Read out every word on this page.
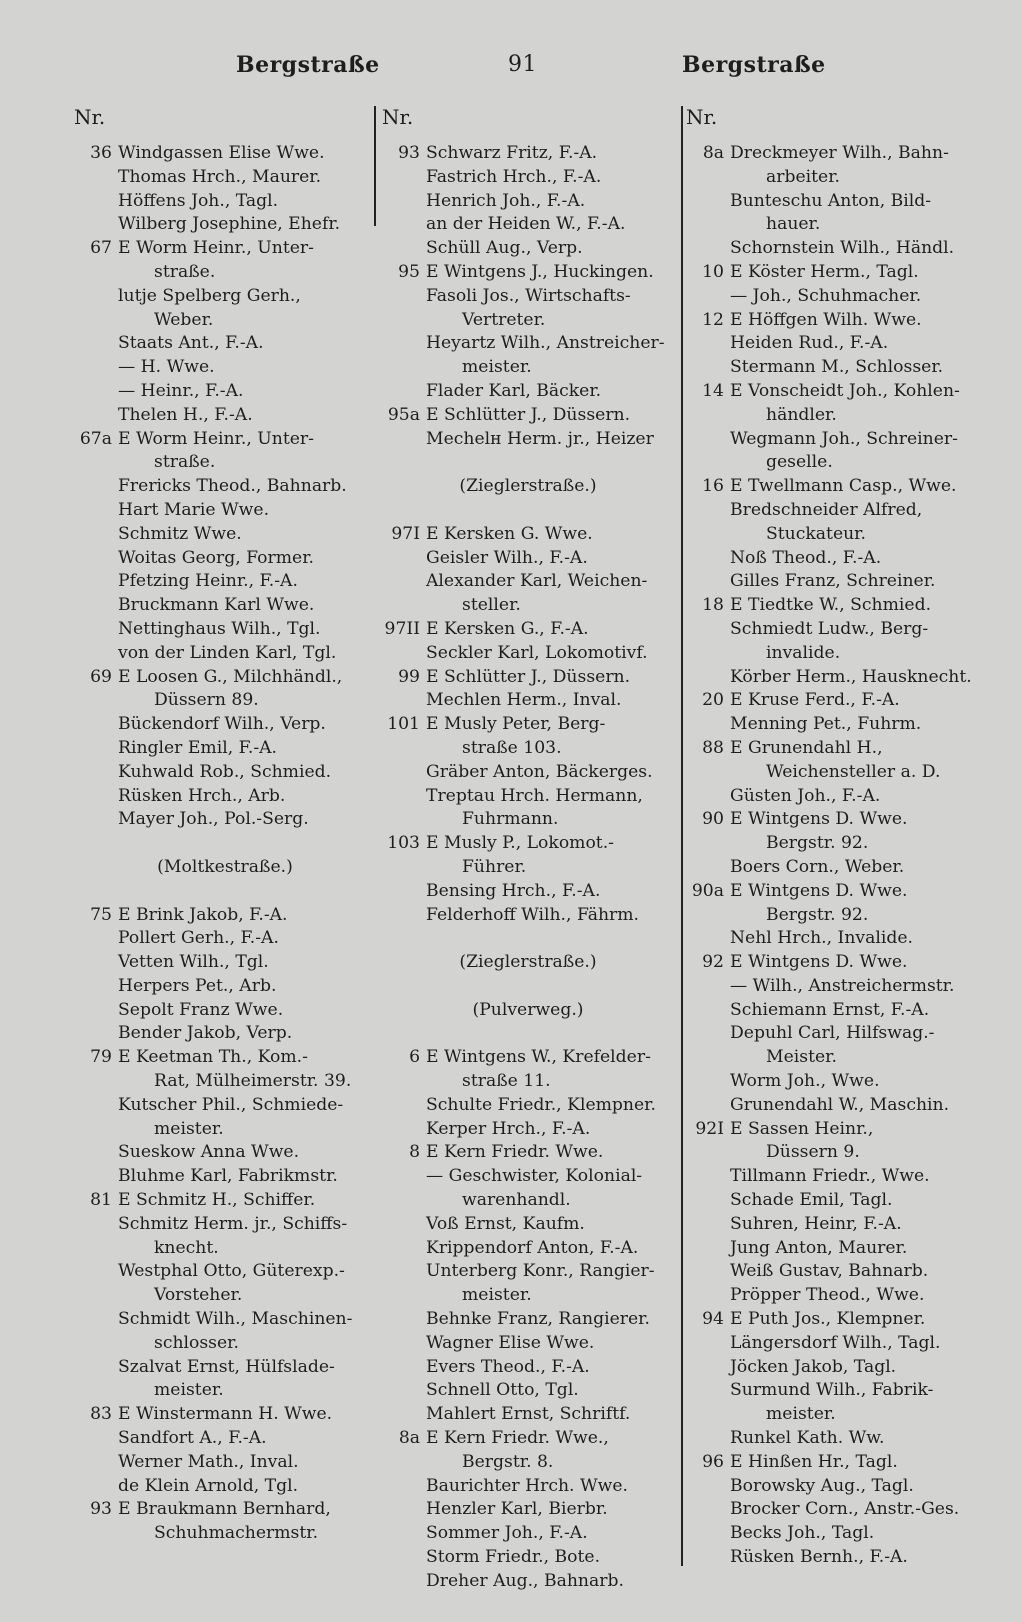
Bergstraße	91	Bergstraße
Nr.
36 Windgassen Elise Wwe.
Thomas Hrch., Maurer.
Höffens Joh., Tagl.
Wilberg Josephine, Ehefr.
67 E Worm Heinr., Unter-
straße.
lutje Spelberg Gerh.,
Weber.
Staats Ant., F.-A.
— H. Wwe.
— Heinr., F.-A.
Thelen H., F.-A.
67a E Worm Heinr., Unter-
straße.
Frericks Theod., Bahnarb.
Hart Marie Wwe.
Schmitz Wwe.
Woitas Georg, Former.
Pfetzing Heinr., F.-A.
Bruckmann Karl Wwe.
Nettinghaus Wilh., Tgl.
von der Linden Karl, Tgl.
69 E Loosen G., Milchhändl.,
Düssern 89.
Bückendorf Wilh., Verp.
Ringler Emil, F.-A.
Kuhwald Rob., Schmied.
Rüsken Hrch., Arb.
Mayer Joh., Pol.-Serg.
(Moltkestraße.)
75 E Brink Jakob, F.-A.
Pollert Gerh., F.-A.
Vetten Wilh., Tgl.
Herpers Pet., Arb.
Sepolt Franz Wwe.
Bender Jakob, Verp.
79 E Keetman Th., Kom.-
Rat, Mülheimerstr. 39.
Kutscher Phil., Schmiede-
meister.
Sueskow Anna Wwe.
Bluhme Karl, Fabrikmstr.
81 E Schmitz H., Schiffer.
Schmitz Herm. jr., Schiffs-
knecht.
Westphal Otto, Güterexp.-
Vorsteher.
Schmidt Wilh., Maschinen-
schlosser.
Szalvat Ernst, Hülfslade-
meister.
83 E Winstermann H. Wwe.
Sandfort A., F.-A.
Werner Math., Inval.
de Klein Arnold, Tgl.
93 E Braukmann Bernhard,
Schuhmachermstr.
Nr.
93 Schwarz Fritz, F.-A.
Fastrich Hrch., F.-A.
Henrich Joh., F.-A.
an der Heiden W., F.-A.
Schüll Aug., Verp.
95 E Wintgens J., Huckingen.
Fasoli Jos., Wirtschafts-
Vertreter.
Heyartz Wilh., Anstreicher-
meister.
Flader Karl, Bäcker.
95a E Schlütter J., Düssern.
Mechelн Herm. jr., Heizer
(Zieglerstraße.)
97I E Kersken G. Wwe.
Geisler Wilh., F.-A.
Alexander Karl, Weichen-
steller.
97II E Kersken G., F.-A.
Seckler Karl, Lokomotivf.
99 E Schlütter J., Düssern.
Mechlen Herm., Inval.
101 E Musly Peter, Berg-
straße 103.
Gräber Anton, Bäckerges.
Treptau Hrch. Hermann,
Fuhrmann.
103 E Musly P., Lokomot.-
Führer.
Bensing Hrch., F.-A.
Felderhoff Wilh., Fährm.
(Zieglerstraße.)
(Pulverweg.)
6 E Wintgens W., Krefelder-
straße 11.
Schulte Friedr., Klempner.
Kerper Hrch., F.-A.
8 E Kern Friedr. Wwe.
— Geschwister, Kolonial-
warenhandl.
Voß Ernst, Kaufm.
Krippendorf Anton, F.-A.
Unterberg Konr., Rangier-
meister.
Behnke Franz, Rangierer.
Wagner Elise Wwe.
Evers Theod., F.-A.
Schnell Otto, Tgl.
Mahlert Ernst, Schriftf.
8a E Kern Friedr. Wwe.,
Bergstr. 8.
Baurichter Hrch. Wwe.
Henzler Karl, Bierbr.
Sommer Joh., F.-A.
Storm Friedr., Bote.
Dreher Aug., Bahnarb.
Nr.
8a Dreckmeyer Wilh., Bahn-
arbeiter.
Bunteschu Anton, Bild-
hauer.
Schornstein Wilh., Händl.
10 E Köster Herm., Tagl.
— Joh., Schuhmacher.
12 E Höffgen Wilh. Wwe.
Heiden Rud., F.-A.
Stermann M., Schlosser.
14 E Vonscheidt Joh., Kohlen-
händler.
Wegmann Joh., Schreiner-
geselle.
16 E Twellmann Casp., Wwe.
Bredschneider Alfred,
Stuckateur.
Noß Theod., F.-A.
Gilles Franz, Schreiner.
18 E Tiedtke W., Schmied.
Schmiedt Ludw., Berg-
invalide.
Körber Herm., Hausknecht.
20 E Kruse Ferd., F.-A.
Menning Pet., Fuhrm.
88 E Grunendahl H.,
Weichensteller a. D.
Güsten Joh., F.-A.
90 E Wintgens D. Wwe.
Bergstr. 92.
Boers Corn., Weber.
90a E Wintgens D. Wwe.
Bergstr. 92.
Nehl Hrch., Invalide.
92 E Wintgens D. Wwe.
— Wilh., Anstreichermstr.
Schiemann Ernst, F.-A.
Depuhl Carl, Hilfswag.-
Meister.
Worm Joh., Wwe.
Grunendahl W., Maschin.
92I E Sassen Heinr.,
Düssern 9.
Tillmann Friedr., Wwe.
Schade Emil, Tagl.
Suhren, Heinr, F.-A.
Jung Anton, Maurer.
Weiß Gustav, Bahnarb.
Pröpper Theod., Wwe.
94 E Puth Jos., Klempner.
Längersdorf Wilh., Tagl.
Jöcken Jakob, Tagl.
Surmund Wilh., Fabrik-
meister.
Runkel Kath. Ww.
96 E Hinßen Hr., Tagl.
Borowsky Aug., Tagl.
Brocker Corn., Anstr.-Ges.
Becks Joh., Tagl.
Rüsken Bernh., F.-A.
